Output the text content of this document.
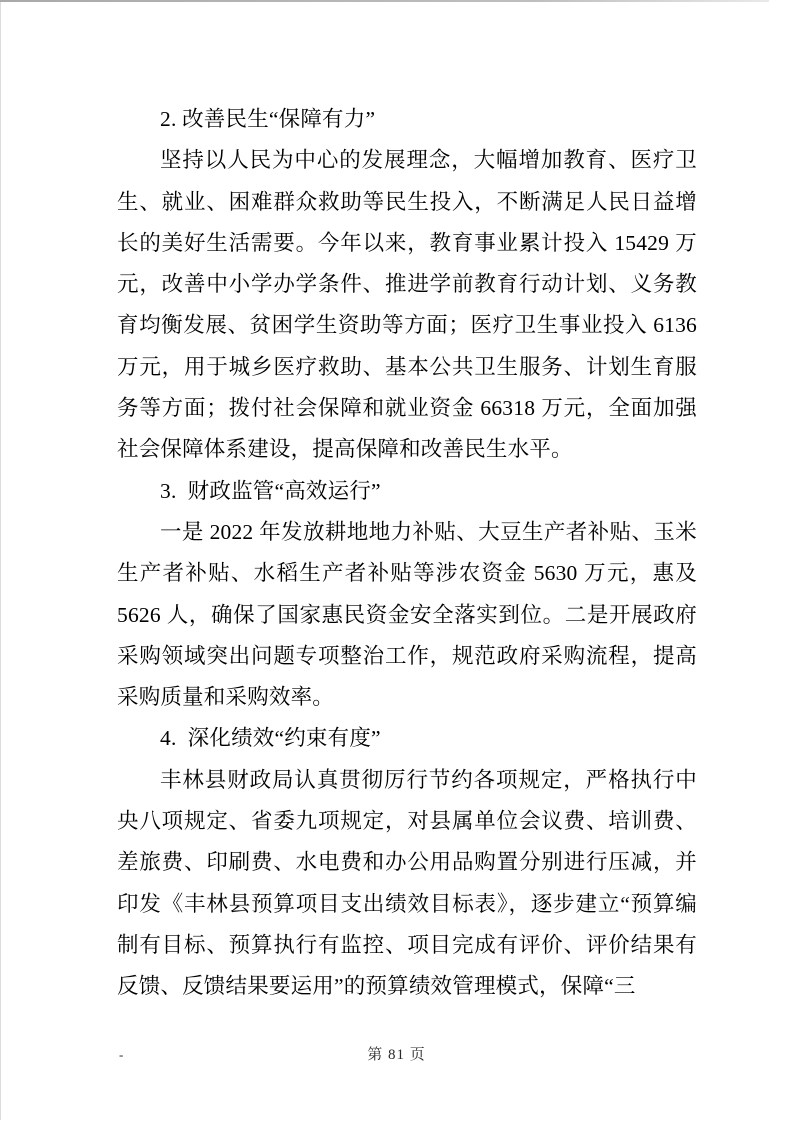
2. 改善民生“保障有力”

坚持以人民为中心的发展理念，大幅增加教育、医疗卫生、就业、困难群众救助等民生投入，不断满足人民日益增长的美好生活需要。今年以来，教育事业累计投入 15429 万元，改善中小学办学条件、推进学前教育行动计划、义务教育均衡发展、贫困学生资助等方面；医疗卫生事业投入 6136 万元，用于城乡医疗救助、基本公共卫生服务、计划生育服务等方面；拨付社会保障和就业资金 66318 万元，全面加强社会保障体系建设，提高保障和改善民生水平。

3.  财政监管“高效运行”

一是 2022 年发放耕地地力补贴、大豆生产者补贴、玉米生产者补贴、水稻生产者补贴等涉农资金 5630 万元，惠及 5626 人，确保了国家惠民资金安全落实到位。二是开展政府采购领域突出问题专项整治工作，规范政府采购流程，提高采购质量和采购效率。

4.  深化绩效“约束有度”

丰林县财政局认真贯彻厉行节约各项规定，严格执行中央八项规定、省委九项规定，对县属单位会议费、培训费、差旅费、印刷费、水电费和办公用品购置分别进行压减，并印发《丰林县预算项目支出绩效目标表》，逐步建立“预算编制有目标、预算执行有监控、项目完成有评价、评价结果有反馈、反馈结果要运用”的预算绩效管理模式，保障“三

-	第 81 页
